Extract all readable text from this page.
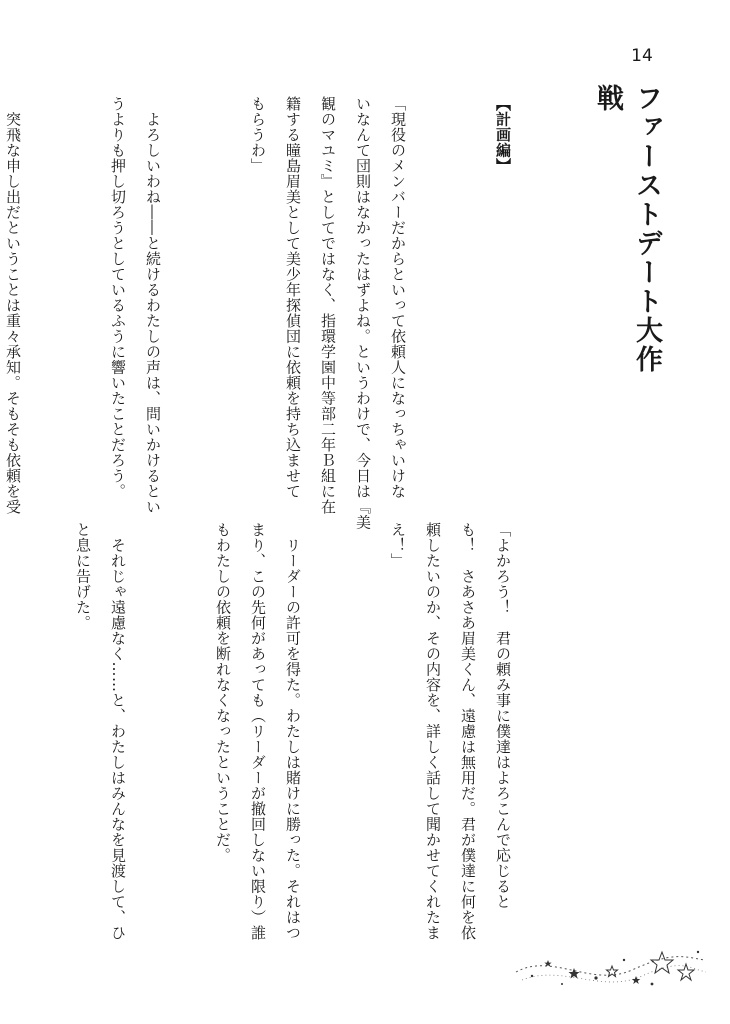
14
ファーストデート大作戦

【計画編】

「現役のメンバーだからといって依頼人になっちゃいけな
いなんて団則はなかったはずよね。というわけで、今日は『美
観のマユミ』としてではなく、指環学園中等部二年Ｂ組に在
籍する瞳島眉美として美少年探偵団に依頼を持ち込ませて
もらうわ」

　よろしいわね――と続けるわたしの声は、問いかけるとい
うよりも押し切ろうとしているふうに響いたことだろう。

　突飛な申し出だということは重々承知。そもそも依頼を受

「よかろう！　君の頼み事に僕達はよろこんで応じると
も！　さあさあ眉美くん、遠慮は無用だ。君が僕達に何を依
頼したいのか、その内容を、詳しく話して聞かせてくれたま
え！」

　リーダーの許可を得た。わたしは賭けに勝った。それはつ
まり、この先何があっても（リーダーが撤回しない限り）誰
もわたしの依頼を断れなくなったということだ。

　それじゃ遠慮なく……と、わたしはみんなを見渡して、ひ
と息に告げた。
